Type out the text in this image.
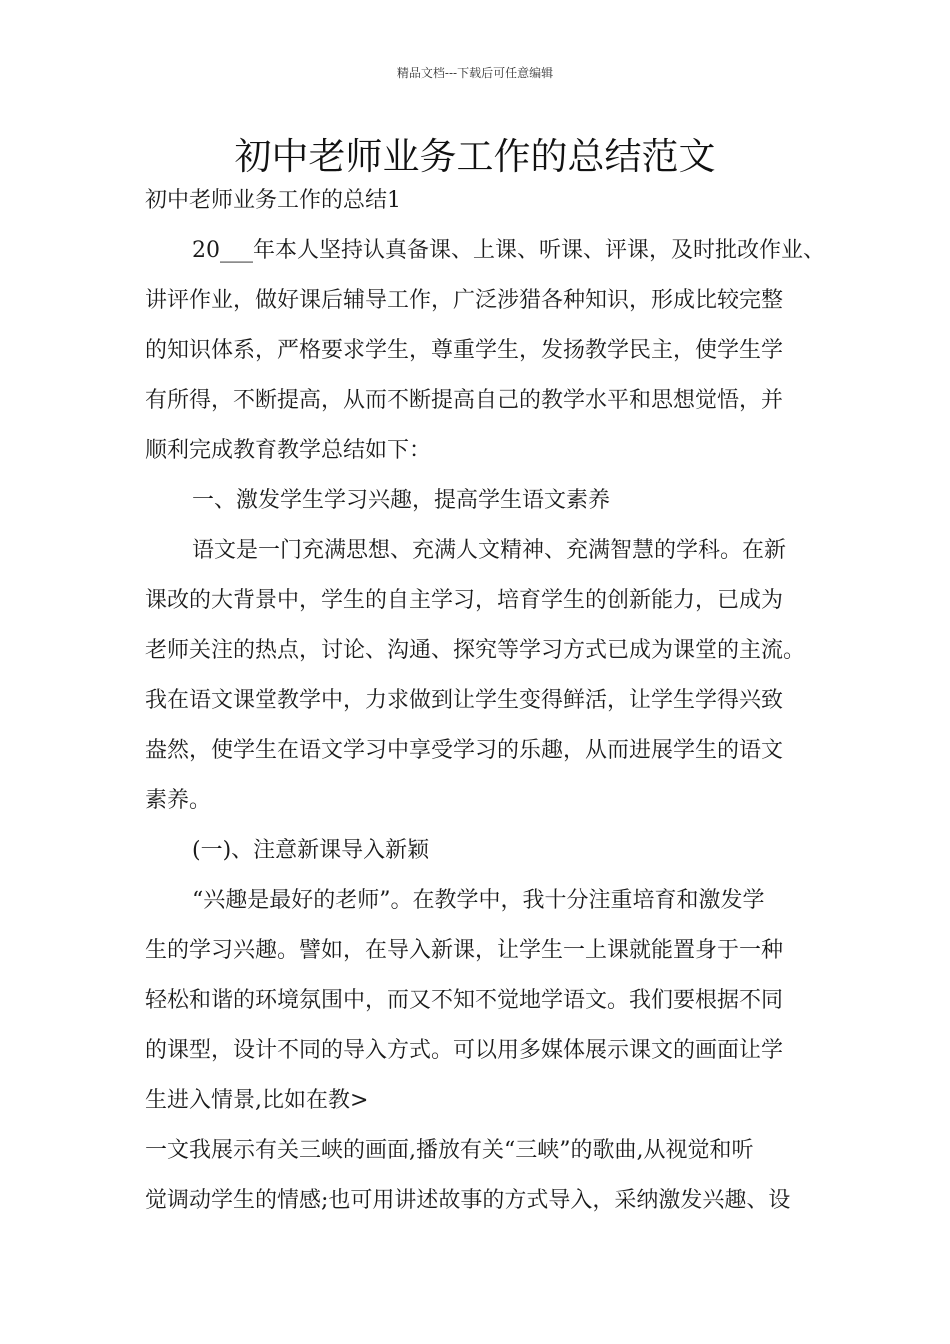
精品文档---下载后可任意编辑
初中老师业务工作的总结范文
初中老师业务工作的总结1
20___年本人坚持认真备课、上课、听课、评课，及时批改作业、
讲评作业，做好课后辅导工作，广泛涉猎各种知识，形成比较完整
的知识体系，严格要求学生，尊重学生，发扬教学民主，使学生学
有所得，不断提高，从而不断提高自己的教学水平和思想觉悟，并
顺利完成教育教学总结如下：
一、激发学生学习兴趣，提高学生语文素养
语文是一门充满思想、充满人文精神、充满智慧的学科。在新
课改的大背景中，学生的自主学习，培育学生的创新能力，已成为
老师关注的热点，讨论、沟通、探究等学习方式已成为课堂的主流。
我在语文课堂教学中，力求做到让学生变得鲜活，让学生学得兴致
盎然，使学生在语文学习中享受学习的乐趣，从而进展学生的语文
素养。
(一)、注意新课导入新颖
“兴趣是最好的老师”。在教学中，我十分注重培育和激发学
生的学习兴趣。譬如，在导入新课，让学生一上课就能置身于一种
轻松和谐的环境氛围中，而又不知不觉地学语文。我们要根据不同
的课型，设计不同的导入方式。可以用多媒体展示课文的画面让学
生进入情景,比如在教>
一文我展示有关三峡的画面,播放有关“三峡”的歌曲,从视觉和听
觉调动学生的情感;也可用讲述故事的方式导入，采纳激发兴趣、设
